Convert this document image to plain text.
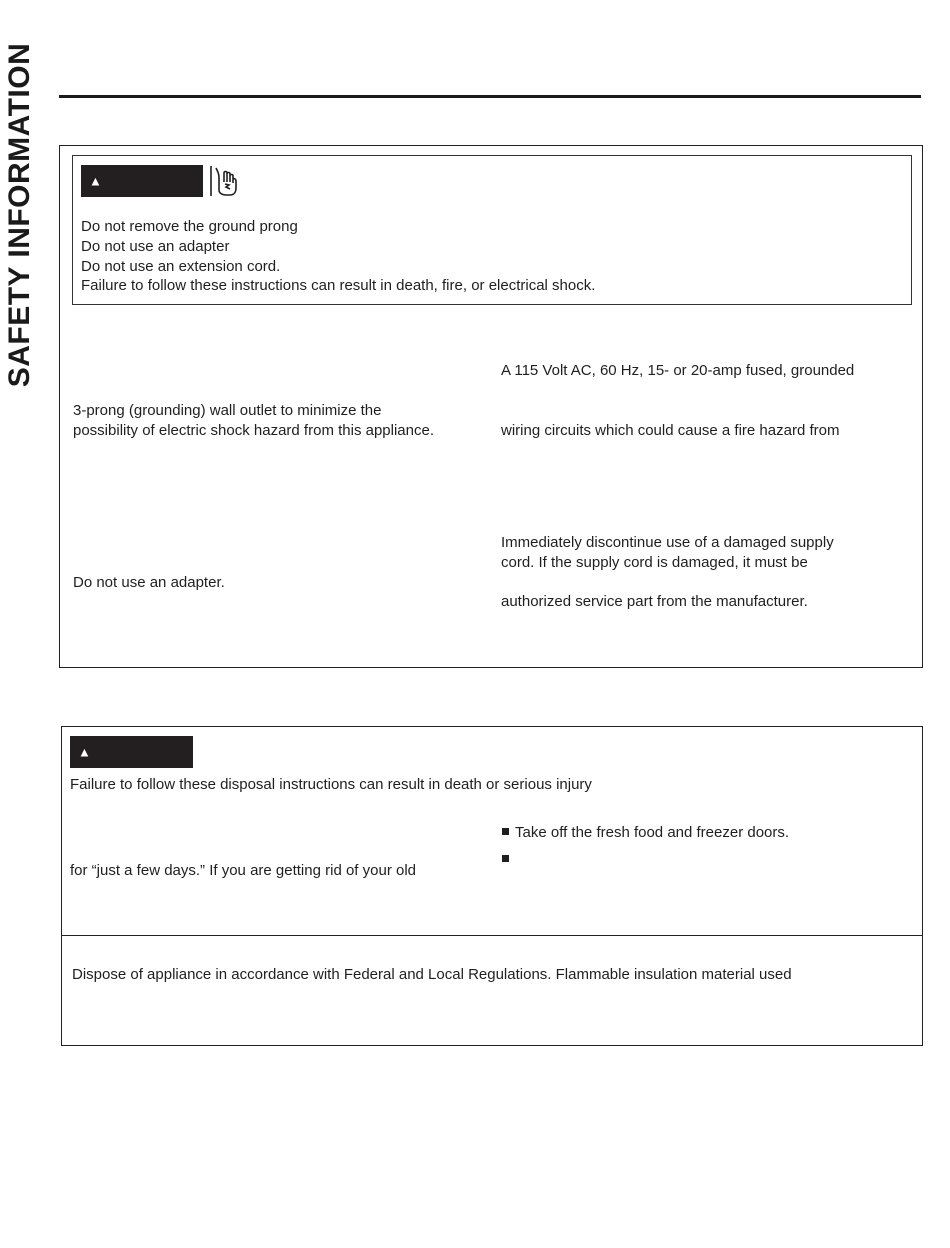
SAFETY INFORMATION	▲
Do not remove the ground prong
Do not use an adapter
Do not use an extension cord.
Failure to follow these instructions can result in death, fire, or electrical shock.
3-prong (grounding) wall outlet to minimize the
possibility of electric shock hazard from this appliance.
Do not use an adapter.
A 115 Volt AC, 60 Hz, 15- or 20-amp fused, grounded
wiring circuits which could cause a fire hazard from
Immediately discontinue use of a damaged supply
cord. If the supply cord is damaged, it must be
authorized service part from the manufacturer.
▲
Failure to follow these disposal instructions can result in death or serious injury
for “just a few days.” If you are getting rid of your old
Take off the fresh food and freezer doors.
Dispose of appliance in accordance with Federal and Local Regulations. Flammable insulation material used
